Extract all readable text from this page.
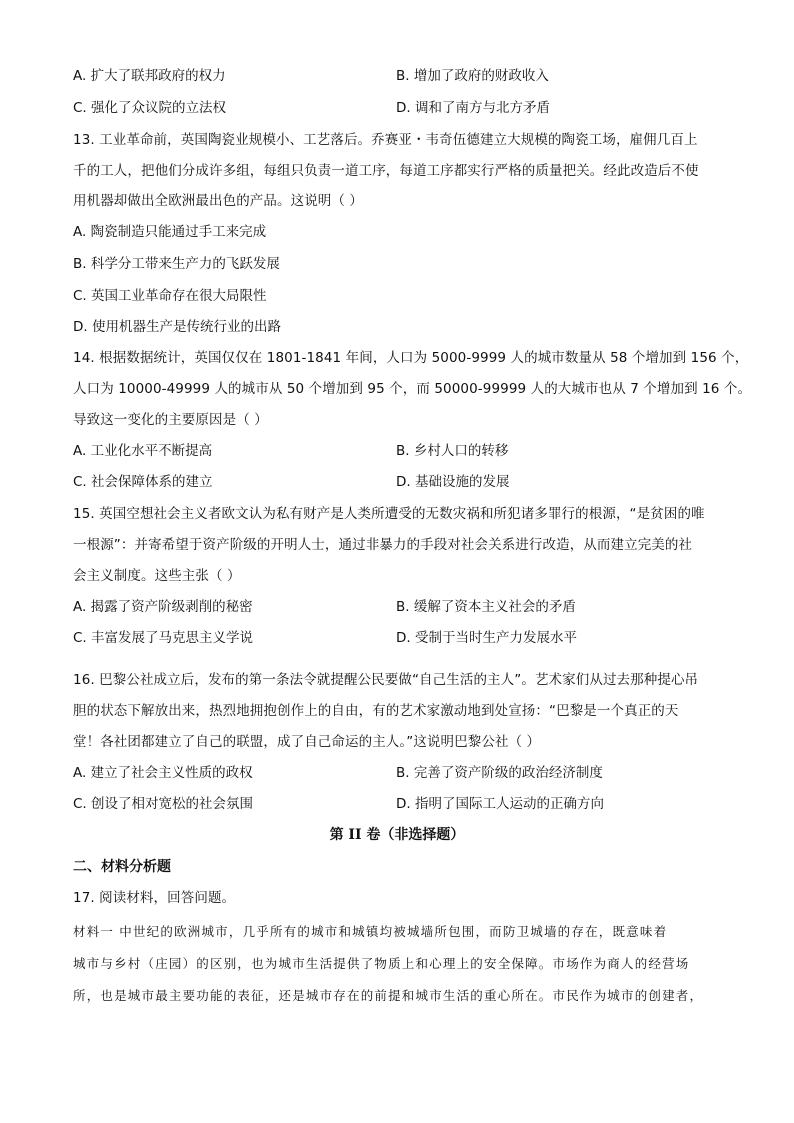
A. 扩大了联邦政府的权力	B. 增加了政府的财政收入
C. 强化了众议院的立法权	D. 调和了南方与北方矛盾
13. 工业革命前，英国陶瓷业规模小、工艺落后。乔赛亚・韦奇伍德建立大规模的陶瓷工场，雇佣几百上
千的工人，把他们分成许多组，每组只负责一道工序，每道工序都实行严格的质量把关。经此改造后不使
用机器却做出全欧洲最出色的产品。这说明（ ）
A. 陶瓷制造只能通过手工来完成
B. 科学分工带来生产力的飞跃发展
C. 英国工业革命存在很大局限性
D. 使用机器生产是传统行业的出路
14. 根据数据统计，英国仅仅在 1801-1841 年间，人口为 5000-9999 人的城市数量从 58 个增加到 156 个，
人口为 10000-49999 人的城市从 50 个增加到 95 个，而 50000-99999 人的大城市也从 7 个增加到 16 个。
导致这一变化的主要原因是（ ）
A. 工业化水平不断提高	B. 乡村人口的转移
C. 社会保障体系的建立	D. 基础设施的发展
15. 英国空想社会主义者欧文认为私有财产是人类所遭受的无数灾祸和所犯诸多罪行的根源，“是贫困的唯
一根源”：并寄希望于资产阶级的开明人士，通过非暴力的手段对社会关系进行改造，从而建立完美的社
会主义制度。这些主张（ ）
A. 揭露了资产阶级剥削的秘密	B. 缓解了资本主义社会的矛盾
C. 丰富发展了马克思主义学说	D. 受制于当时生产力发展水平
16. 巴黎公社成立后，发布的第一条法令就提醒公民要做“自己生活的主人”。艺术家们从过去那种提心吊
胆的状态下解放出来，热烈地拥抱创作上的自由，有的艺术家激动地到处宣扬：“巴黎是一个真正的天
堂！各社团都建立了自己的联盟，成了自己命运的主人。”这说明巴黎公社（ ）
A. 建立了社会主义性质的政权	B. 完善了资产阶级的政治经济制度
C. 创设了相对宽松的社会氛围	D. 指明了国际工人运动的正确方向
第 II 卷（非选择题）
二、材料分析题
17. 阅读材料，回答问题。
材料一 中世纪的欧洲城市，几乎所有的城市和城镇均被城墙所包围，而防卫城墙的存在，既意味着
城市与乡村（庄园）的区别，也为城市生活提供了物质上和心理上的安全保障。市场作为商人的经营场
所，也是城市最主要功能的表征，还是城市存在的前提和城市生活的重心所在。市民作为城市的创建者，
